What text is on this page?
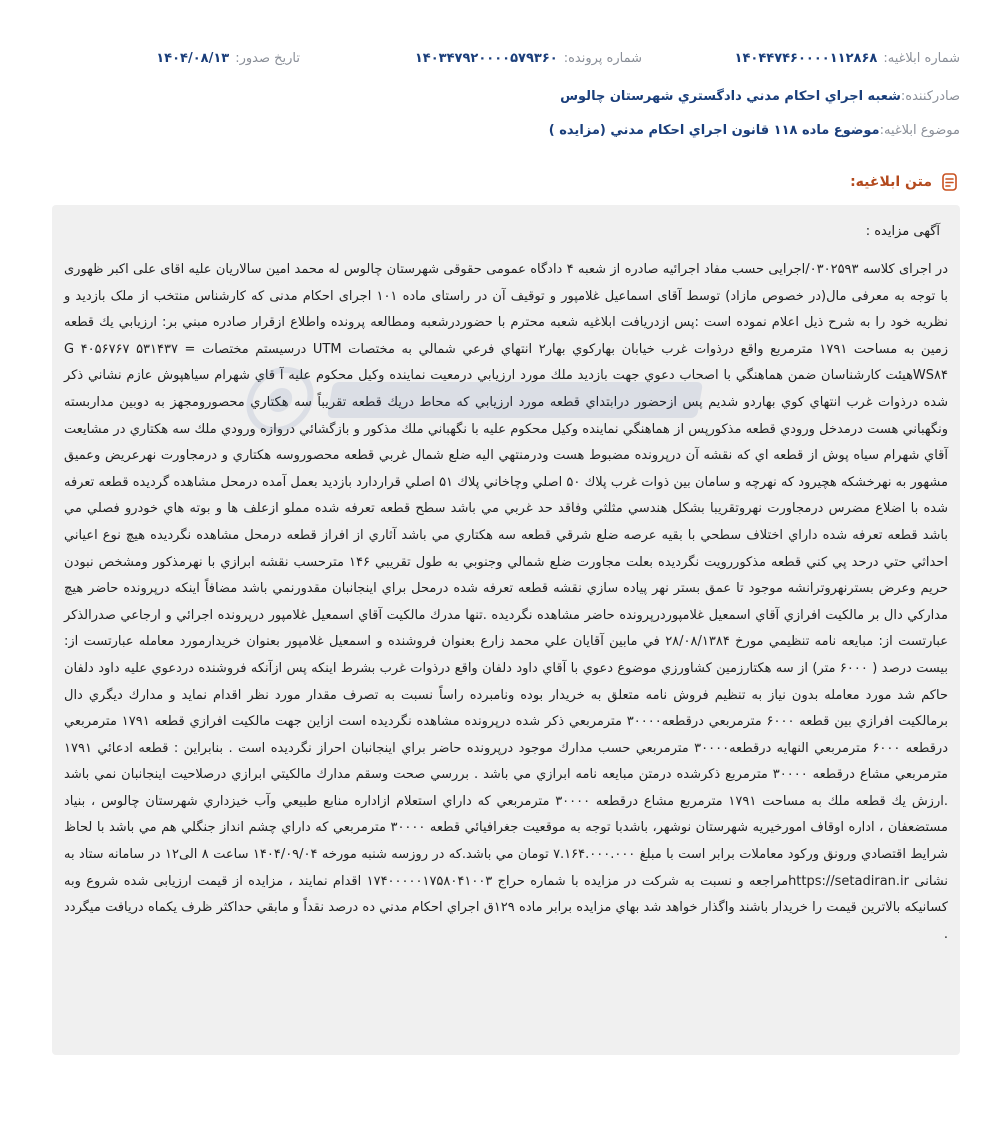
شماره ابلاغیه:
۱۴۰۴۴۷۴۶۰۰۰۰۱۱۲۸۶۸
شماره پرونده:
۱۴۰۳۴۷۹۲۰۰۰۰۵۷۹۳۶۰
تاریخ صدور:
۱۴۰۴/۰۸/۱۳
صادرکننده:
شعبه اجراي احكام مدني دادگستري شهرستان چالوس
موضوع ابلاغيه:
موضوع ماده ۱۱۸ قانون اجراي احكام مدني (مزايده )
متن ابلاغیه:
آگهی مزایده :
در اجرای کلاسه ۰۳۰۲۵۹۳/اجرایی حسب مفاد اجرائیه صادره از شعبه ۴ دادگاه عمومی حقوقی شهرستان چالوس له محمد امین سالاریان علیه اقای علی اکبر ظهوری با توجه به معرفی مال(در خصوص مازاد) توسط آقای اسماعیل غلامپور و توقیف آن در راستای ماده ۱۰۱ اجرای احکام مدنی که کارشناس منتخب از ملک بازدید و نظریه خود را به شرح ذیل اعلام نموده است :پس ازدریافت ابلاغیه شعبه محترم با حضوردرشعبه ومطالعه پرونده واطلاع ازقرار صادره مبني بر: ارزيابي يك قطعه زمين به مساحت ۱۷۹۱ مترمربع واقع درذوات غرب خيابان بهاركوي بهار۲ انتهاي فرعي شمالي به مختصات UTM درسيستم مختصات G ۴۰۵۶۷۶۷ ۵۳۱۴۳۷ = WS۸۴هيئت كارشناسان ضمن هماهنگي با اصحاب دعوي جهت بازديد ملك مورد ارزيابي درمعيت نماينده وكيل محكوم عليه آ قاي شهرام سياهپوش عازم نشاني ذكر شده درذوات غرب انتهاي كوي بهاردو شديم پس ازحضور درابتداي قطعه مورد ارزيابي كه محاط دريك قطعه تقريباً سه هكتاري محصورومجهز به دوبين مداربسته ونگهباني هست درمدخل ورودي قطعه مذكورپس از هماهنگي نماينده وكيل محكوم عليه با نگهباني ملك مذكور و بازگشائي دروازه ورودي ملك سه هكتاري در مشايعت آقاي شهرام سياه پوش از قطعه اي كه نقشه آن درپرونده مضبوط هست ودرمنتهي اليه ضلع شمال غربي قطعه محصوروسه هكتاري و درمجاورت نهرعريض وعميق مشهور به نهرخشكه هچيرود كه نهرچه و سامان بين ذوات غرب پلاك ۵۰ اصلي وچاخاني پلاك ۵۱ اصلي قراردارد بازديد بعمل آمده درمحل مشاهده گرديده قطعه تعرفه شده با اضلاع مضرس درمجاورت نهروتقريبا بشكل هندسي مثلثي وفاقد حد غربي مي باشد سطح قطعه تعرفه شده مملو ازعلف ها و بوته هاي خودرو فصلي مي باشد قطعه تعرفه شده داراي اختلاف سطحي با بقيه عرصه ضلع شرقي قطعه سه هكتاري مي باشد آثاري از افراز قطعه درمحل مشاهده نگرديده هيچ نوع اعياني احداثي حتي درحد پي كني قطعه مذكوررويت نگرديده بعلت مجاورت ضلع شمالي وجنوبي به طول تقريبي ۱۴۶ مترحسب نقشه ابرازي با نهرمذكور ومشخص نبودن حريم وعرض بسترنهروترانشه موجود تا عمق بستر نهر پياده سازي نقشه قطعه تعرفه شده درمحل براي اينجانبان مقدورنمي باشد مضافاً اينكه درپرونده حاضر هيچ مداركي دال بر مالكيت افرازي آقاي اسمعيل غلامپوردرپرونده حاضر مشاهده نگرديده .تنها مدرك مالكيت آقاي اسمعيل غلامپور درپرونده اجرائي و ارجاعي صدرالذكر عبارتست از: مبايعه نامه تنظيمي مورخ ۲۸/۰۸/۱۳۸۴ في مابين آقايان علي محمد زارع بعنوان فروشنده و اسمعيل غلامپور بعنوان خريدارمورد معامله عبارتست از: بيست درصد ( ۶۰۰۰ متر) از سه هكتارزمين كشاورزي موضوع دعوي با آقاي داود دلفان واقع درذوات غرب بشرط اينكه پس ازآنكه فروشنده دردعوي عليه داود دلفان حاكم شد مورد معامله بدون نياز به تنظيم فروش نامه متعلق به خريدار بوده ونامبرده راساً نسبت به تصرف مقدار مورد نظر اقدام نمايد و مدارك ديگري دال برمالكيت افرازي بين قطعه ۶۰۰۰ مترمربعي درقطعه۳۰۰۰۰ مترمربعي ذكر شده درپرونده مشاهده نگرديده است ازاين جهت مالكيت افرازي قطعه ۱۷۹۱ مترمربعي درقطعه ۶۰۰۰ مترمربعي النهايه درقطعه۳۰۰۰۰ مترمربعي حسب مدارك موجود درپرونده حاضر براي اينجانبان احراز نگرديده است . بنابراين : قطعه ادعائي ۱۷۹۱ مترمربعي مشاع درقطعه ۳۰۰۰۰ مترمربع ذكرشده درمتن مبايعه نامه ابرازي مي باشد . بررسي صحت وسقم مدارك مالكيتي ابرازي درصلاحيت اينجانبان نمي باشد .ارزش يك قطعه ملك به مساحت ۱۷۹۱ مترمربع مشاع درقطعه ۳۰۰۰۰ مترمربعي كه داراي استعلام ازاداره منابع طبيعي وآب خيزداري شهرستان چالوس ، بنياد مستضعفان ، اداره اوقاف امورخيريه شهرستان نوشهر، باشدبا توجه به موقعيت جغرافيائي قطعه ۳۰۰۰۰ مترمربعي كه داراي چشم انداز جنگلي هم مي باشد با لحاظ شرايط اقتصادي ورونق وركود معاملات برابر است با مبلغ ۷.۱۶۴.۰۰۰.۰۰۰ تومان مي باشد.كه در روزسه شنبه مورخه ۱۴۰۴/۰۹/۰۴ ساعت ۸ الی۱۲ در سامانه ستاد به نشانی https://setadiran.irمراجعه و نسبت به شرکت در مزایده با شماره حراج ۱۷۴۰۰۰۰۰۱۷۵۸۰۴۱۰۰۳ اقدام نمایند ، مزایده از قیمت ارزیابی شده شروع وبه کسانیکه بالاترین قیمت را خریدار باشند واگذار خواهد شد بهاي مزايده برابر ماده ۱۲۹ق اجراي احكام مدني ده درصد نقداً و مابقي حداكثر ظرف يكماه دريافت ميگردد .
